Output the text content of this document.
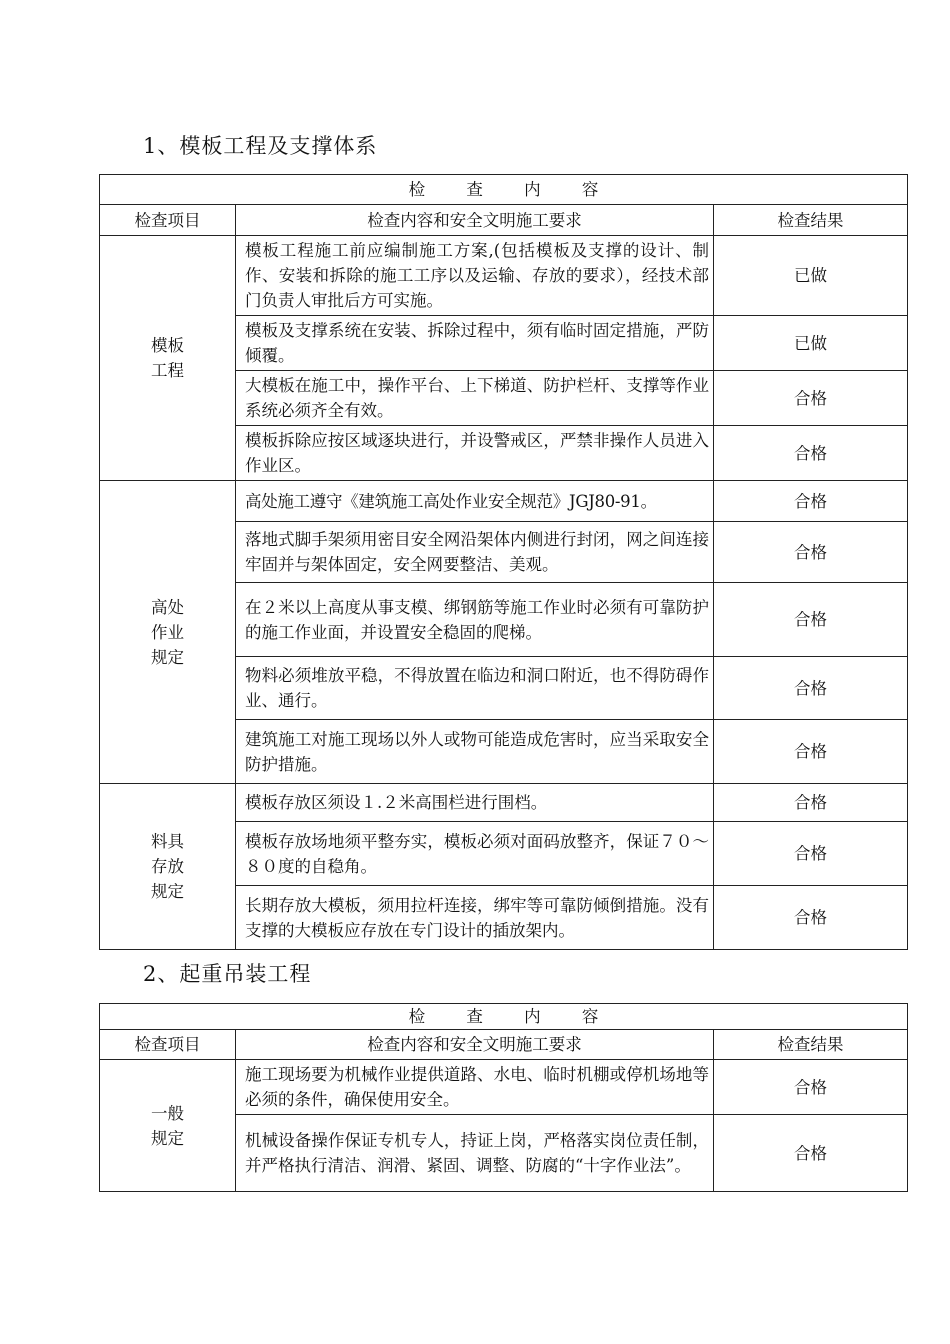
1、模板工程及支撑体系
检 查 内 容		
检查项目	检查内容和安全文明施工要求	检查结果
模板
工程	模板工程施工前应编制施工方案,(包括模板及支撑的设计、制作、安装和拆除的施工工序以及运输、存放的要求），经技术部门负责人审批后方可实施。	已做
	模板及支撑系统在安装、拆除过程中，须有临时固定措施，严防倾覆。	已做
	大模板在施工中，操作平台、上下梯道、防护栏杆、支撑等作业系统必须齐全有效。	合格
	模板拆除应按区域逐块进行，并设警戒区，严禁非操作人员进入作业区。	合格
高处
作业
规定	高处施工遵守《建筑施工高处作业安全规范》JGJ80-91。	合格
	落地式脚手架须用密目安全网沿架体内侧进行封闭，网之间连接牢固并与架体固定，安全网要整洁、美观。	合格
	在２米以上高度从事支模、绑钢筋等施工作业时必须有可靠防护的施工作业面，并设置安全稳固的爬梯。	合格
	物料必须堆放平稳，不得放置在临边和洞口附近，也不得防碍作业、通行。	合格
	建筑施工对施工现场以外人或物可能造成危害时，应当采取安全防护措施。	合格
料具
存放
规定	模板存放区须设１.２米高围栏进行围档。	合格
	模板存放场地须平整夯实，模板必须对面码放整齐，保证７０～８０度的自稳角。	合格
	长期存放大模板，须用拉杆连接，绑牢等可靠防倾倒措施。没有支撑的大模板应存放在专门设计的插放架内。	合格
2、起重吊装工程
检 查 内 容		
检查项目	检查内容和安全文明施工要求	检查结果
一般
规定	施工现场要为机械作业提供道路、水电、临时机棚或停机场地等必须的条件，确保使用安全。	合格
	机械设备操作保证专机专人，持证上岗，严格落实岗位责任制，并严格执行清洁、润滑、紧固、调整、防腐的“十字作业法”。	合格
